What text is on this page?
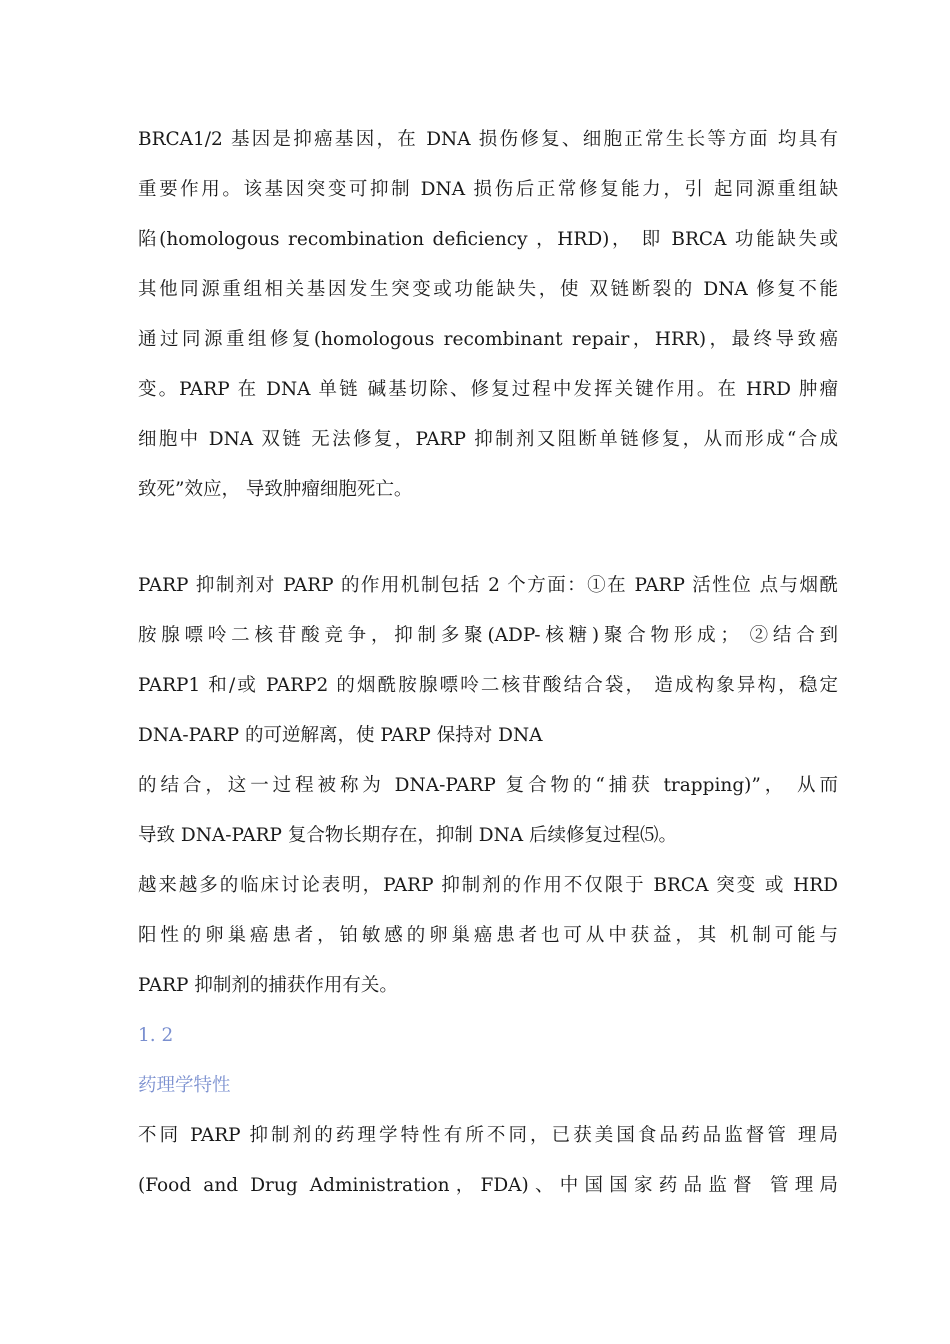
BRCA1/2 基因是抑癌基因，在 DNA 损伤修复、细胞正常生长等方面 均具有
重要作用。该基因突变可抑制 DNA 损伤后正常修复能力，引 起同源重组缺
陷(homologous recombination deficiency ，HRD)， 即 BRCA 功能缺失或
其他同源重组相关基因发生突变或功能缺失，使 双链断裂的 DNA 修复不能
通过同源重组修复(homologous recombinant repair，HRR)，最终导致癌
变。PARP 在 DNA 单链 碱基切除、修复过程中发挥关键作用。在 HRD 肿瘤
细胞中 DNA 双链 无法修复，PARP 抑制剂又阻断单链修复，从而形成“合成
致死”效应， 导致肿瘤细胞死亡。
PARP 抑制剂对 PARP 的作用机制包括 2 个方面：①在 PARP 活性位 点与烟酰
胺腺嘌呤二核苷酸竞争，抑制多聚(ADP-核糖)聚合物形成； ②结合到
PARP1 和/或 PARP2 的烟酰胺腺嘌呤二核苷酸结合袋， 造成构象异构，稳定
DNA-PARP 的可逆解离，使 PARP 保持对 DNA
的结合，这一过程被称为 DNA-PARP 复合物的“捕获 trapping)”， 从而
导致 DNA-PARP 复合物长期存在，抑制 DNA 后续修复过程⑸。
越来越多的临床讨论表明，PARP 抑制剂的作用不仅限于 BRCA 突变 或 HRD
阳性的卵巢癌患者，铂敏感的卵巢癌患者也可从中获益，其 机制可能与
PARP 抑制剂的捕获作用有关。
1. 2
药理学特性
不同 PARP 抑制剂的药理学特性有所不同，已获美国食品药品监督管 理局
(Food and Drug Administration，FDA)、中国国家药品监督 管理局
